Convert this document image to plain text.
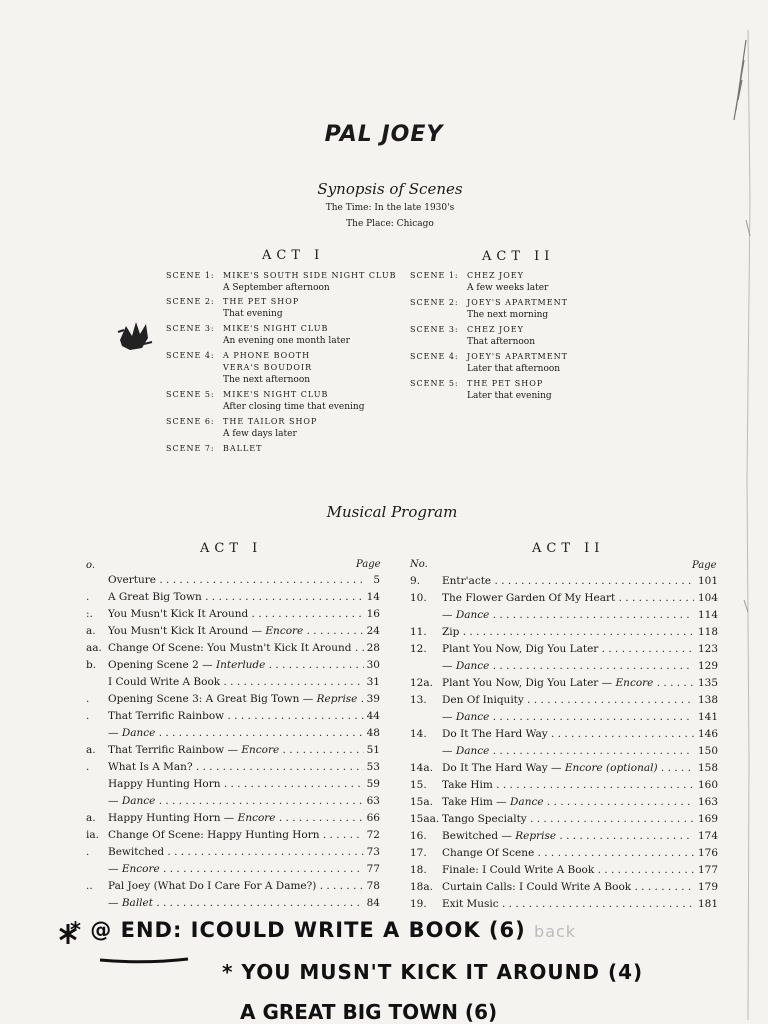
PAL JOEY
Synopsis of Scenes
The Time: In the late 1930's
The Place: Chicago
ACT I	ACT II
SCENE 1:	MIKE'S SOUTH SIDE NIGHT CLUB
A September afternoon
SCENE 2:	THE PET SHOP
That evening
SCENE 3:	MIKE'S NIGHT CLUB
An evening one month later
SCENE 4:	A PHONE BOOTH
VERA'S BOUDOIR
The next afternoon
SCENE 5:	MIKE'S NIGHT CLUB
After closing time that evening
SCENE 6:	THE TAILOR SHOP
A few days later
SCENE 7:	BALLET
SCENE 1:	CHEZ JOEY
A few weeks later
SCENE 2:	JOEY'S APARTMENT
The next morning
SCENE 3:	CHEZ JOEY
That afternoon
SCENE 4:	JOEY'S APARTMENT
Later that afternoon
SCENE 5:	THE PET SHOP
Later that evening
Musical Program
ACT I	ACT II
o.	Page	No.	Page
Overture . . .	5
.	A Great Big Town . . .	14
:.	You Musn't Kick It Around . . .	16
a.	You Musn't Kick It Around — Encore . . .	24
aa. Change Of Scene: You Mustn't Kick It Around . . .	28
b.	Opening Scene 2 — Interlude . . .	30
I Could Write A Book . . .	31
.	Opening Scene 3: A Great Big Town — Reprise . . . 39
.	That Terrific Rainbow . . .	44
— Dance . . .	48
a.	That Terrific Rainbow — Encore . . .	51
.	What Is A Man? . . .	53
Happy Hunting Horn . . .	59
— Dance . . .	63
a.	Happy Hunting Horn — Encore . . .	66
ia. Change Of Scene: Happy Hunting Horn . . .	72
.	Bewitched . . .	73
— Encore . . .	77
..	Pal Joey (What Do I Care For A Dame?) . . .	78
— Ballet . . .	84
9.	Entr'acte . . .	101
10.	The Flower Garden Of My Heart . . .	104
— Dance . . .	114
11.	Zip . . .	118
12.	Plant You Now, Dig You Later . . .	123
— Dance . . .	129
12a. Plant You Now, Dig You Later — Encore . . .	135
13.	Den Of Iniquity . . .	138
— Dance . . .	141
14.	Do It The Hard Way . . .	146
— Dance . . .	150
14a. Do It The Hard Way — Encore (optional) . . .	158
15.	Take Him . . .	160
15a. Take Him — Dance . . .	163
15aa. Tango Specialty . . .	169
16.	Bewitched — Reprise . . .	174
17.	Change Of Scene . . .	176
18.	Finale: I Could Write A Book . . .	177
18a. Curtain Calls: I Could Write A Book . . .	179
19.	Exit Music . . .	181
* @ END: ICOULD WRITE A BOOK (6) back
* YOU MUSN'T KICK IT AROUND (4)
A GREAT BIG TOWN (6)
